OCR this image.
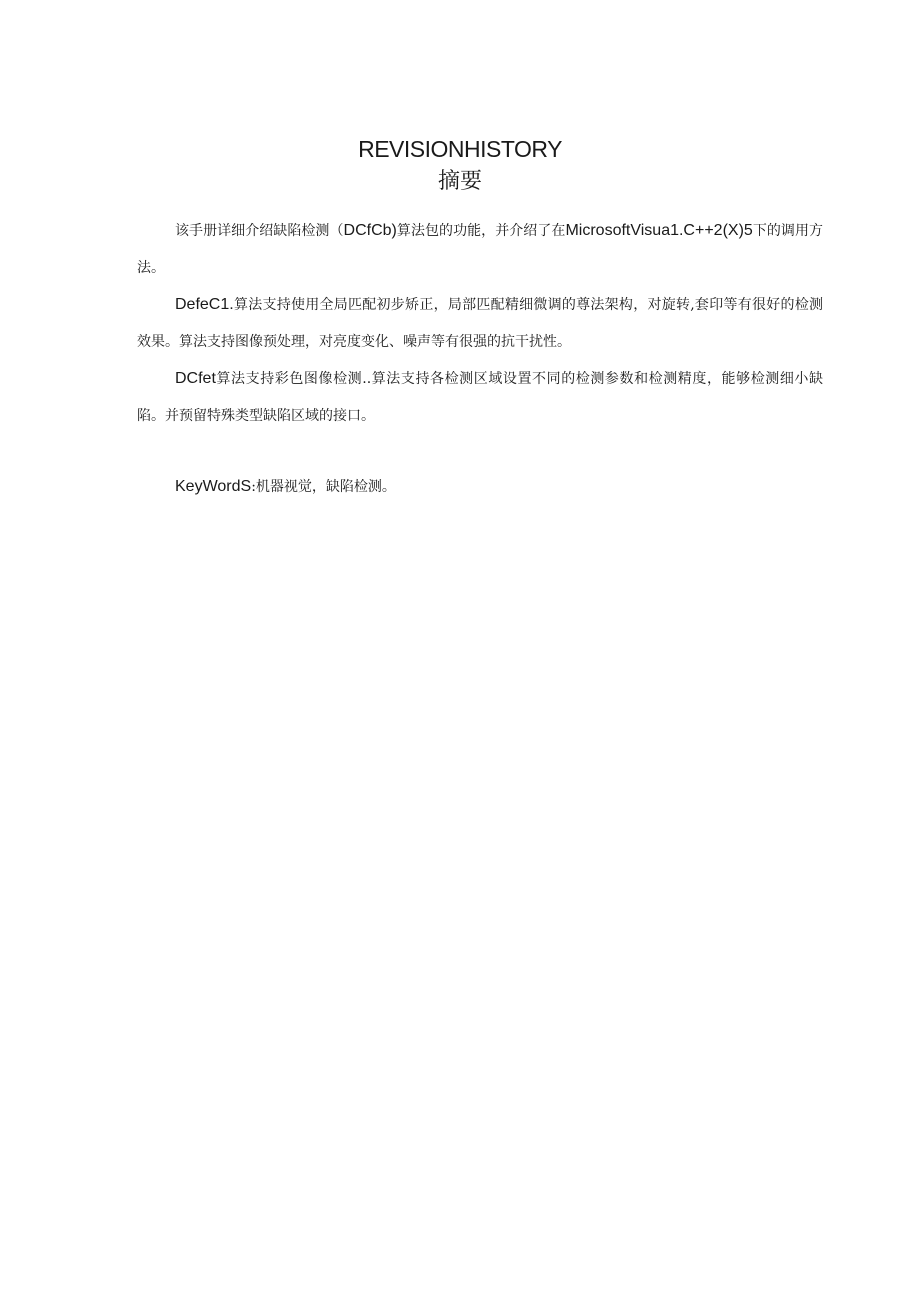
REVISIONHISTORY
摘要

该手册详细介绍缺陷检测（DCfCb)算法包的功能，并介绍了在MicrosoftVisua1.C++2(X)5下的调用方法。

DefeC1.算法支持使用全局匹配初步矫正，局部匹配精细微调的尊法架构，对旋转,套印等有很好的检测效果。算法支持图像预处理，对亮度变化、噪声等有很强的抗干扰性。

DCfet算法支持彩色图像检测..算法支持各检测区域设置不同的检测参数和检测精度，能够检测细小缺陷。并预留特殊类型缺陷区域的接口。

KeyWordS:机器视觉，缺陷检测。
